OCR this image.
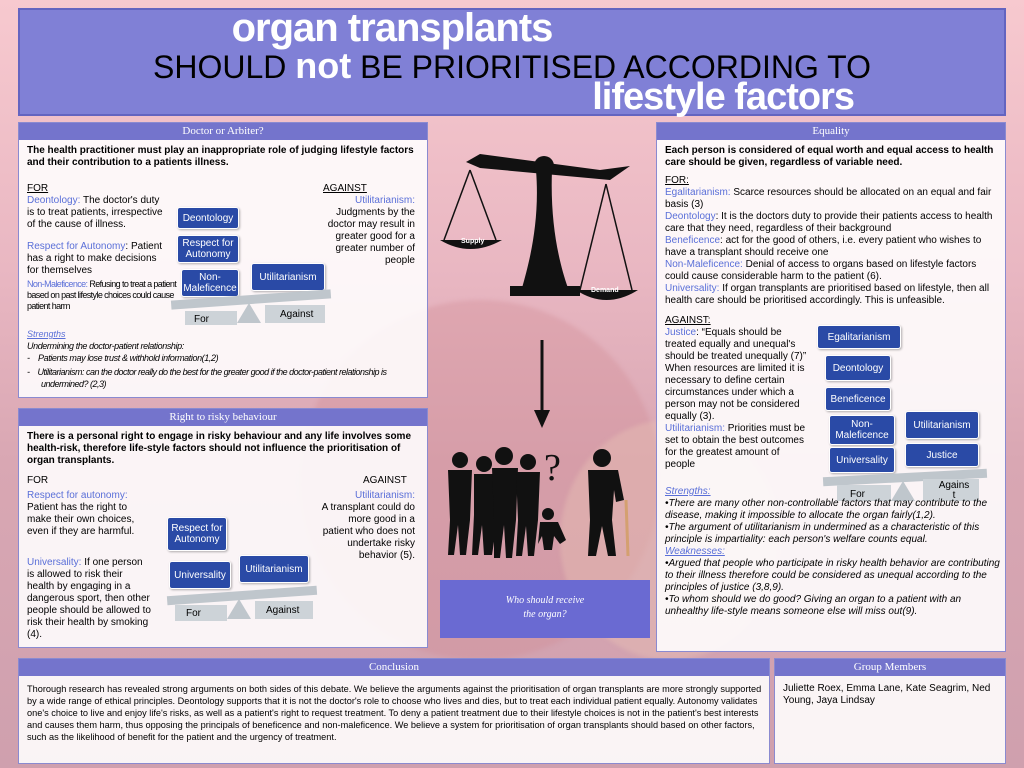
organ transplants
SHOULD not BE PRIORITISED ACCORDING TO
lifestyle factors
Doctor or Arbiter?
The health practitioner must play an inappropriate role of judging lifestyle factors and their contribution to a patients illness.
FOR	AGAINST
Deontology: The doctor's duty is to treat patients, irrespective of the cause of illness.
Respect for Autonomy: Patient has a right to make decisions for themselves
Non-Maleficence: Refusing to treat a patient based on past lifestyle choices could cause patient harm
Utilitarianism:
Judgments by the doctor may result in greater good for a greater number of people
Deontology
Respect for Autonomy
Non-Maleficence
Utilitarianism
For	Against
Strengths
Undermining the doctor-patient relationship:
-    Patients may lose trust & withhold information(1,2)
-    Utilitarianism: can the doctor really do the best for the greater good if the doctor-patient relationship is undermined? (2,3)
Right to risky behaviour
There is a personal right to engage in risky behaviour and any life involves some health-risk, therefore life-style factors should not influence the prioritisation of organ transplants.
FOR	AGAINST
Respect for autonomy:
Patient has the right to make their own choices, even if they are harmful.
Universality: If one person is allowed to risk their health by engaging in a dangerous sport, then other people should be allowed to risk their health by smoking (4).
Utilitarianism:
A transplant could do more good in a patient who does not undertake risky behavior (5).
Respect for Autonomy
Universality
Utilitarianism
For	Against
Supply
Demand
?
Who should receive
the organ?
Equality
Each person is considered of equal worth and equal access to health care should be given, regardless of variable need.
FOR:
Egalitarianism: Scarce resources should be allocated on an equal and fair basis (3)
Deontology: It is the doctors duty to provide their patients access to health care that they need, regardless of their background
Beneficence: act for the good of others, i.e. every patient who wishes to have a transplant should receive one
Non-Maleficence: Denial of access to organs based on lifestyle factors could cause considerable harm to the patient (6).
Universality: If organ transplants are prioritised based on lifestyle, then all health care should be prioritised accordingly. This is unfeasible.
AGAINST:
Justice: “Equals should be treated equally and unequal's should be treated unequally (7)” When resources are limited it is necessary to define certain circumstances under which a person may not be considered equally (3).
Utilitarianism: Priorities must be set to obtain the best outcomes for the greatest amount of people
Egalitarianism
Deontology
Beneficence
Non-Maleficence
Utilitarianism
Universality	Justice
For
Agains t
Strengths:
•There are many other non-controllable factors that may contribute to the disease, making it impossible to allocate the organ fairly(1,2).
•The argument of utilitarianism in undermined as a characteristic of this principle is impartiality: each person's welfare counts equal.
Weaknesses:
•Argued that people who participate in risky health behavior are contributing to their illness therefore could be considered as unequal according to the principles of justice (3,8,9).
•To whom should we do good? Giving an organ to a patient with an unhealthy life-style means someone else will miss out(9).
Conclusion
Thorough research has revealed strong arguments on both sides of this debate. We believe the arguments against the prioritisation of organ transplants are more strongly supported by a wide range of ethical principles. Deontology supports that it is not the doctor's role to choose who lives and dies, but to treat each individual patient equally. Autonomy validates one's choice to live and enjoy life's risks, as well as a patient's right to request treatment. To deny a patient treatment due to their lifestyle choices is not in the patient's best interests and causes them harm, thus opposing the principals of beneficence and non-maleficence. We believe a system for prioritisation of organ transplants should based on other factors, such as the likelihood of benefit for the patient and the urgency of treatment.
Group Members
Juliette Roex, Emma Lane, Kate Seagrim, Ned Young, Jaya Lindsay
